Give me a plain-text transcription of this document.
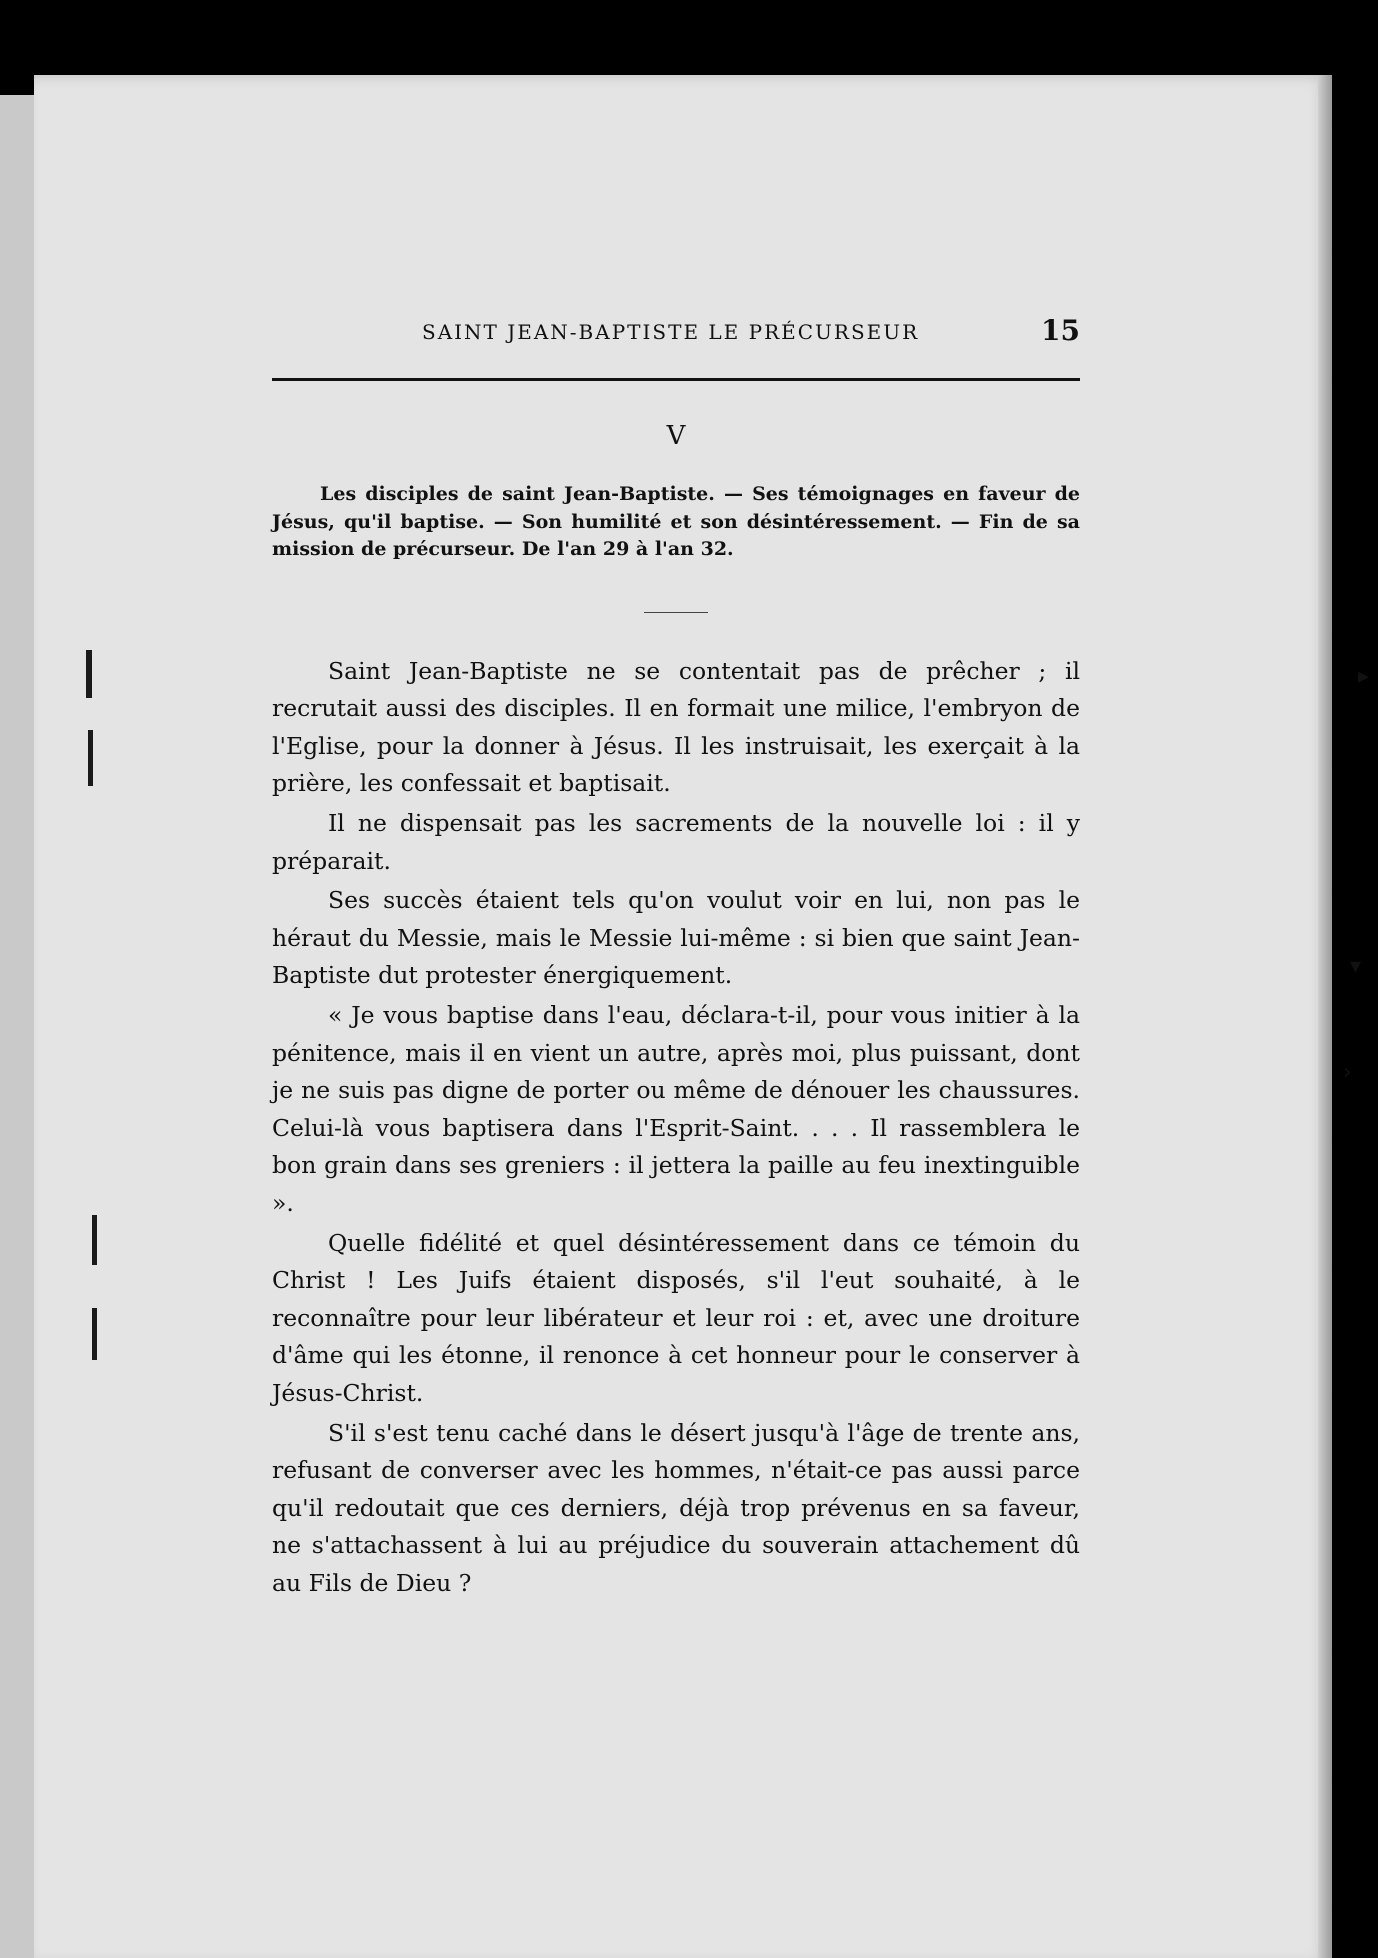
▸
▾
›
SAINT JEAN-BAPTISTE LE PRÉCURSEUR	15
V
Les disciples de saint Jean-Baptiste. — Ses témoignages en faveur de Jésus, qu'il baptise. — Son humilité et son désintéressement. — Fin de sa mission de précurseur. De l'an 29 à l'an 32.

Saint Jean-Baptiste ne se contentait pas de prêcher ; il recrutait aussi des disciples. Il en formait une milice, l'embryon de l'Eglise, pour la donner à Jésus. Il les instruisait, les exerçait à la prière, les confessait et baptisait.

Il ne dispensait pas les sacrements de la nouvelle loi : il y préparait.

Ses succès étaient tels qu'on voulut voir en lui, non pas le héraut du Messie, mais le Messie lui-même : si bien que saint Jean-Baptiste dut protester énergiquement.

« Je vous baptise dans l'eau, déclara-t-il, pour vous initier à la pénitence, mais il en vient un autre, après moi, plus puissant, dont je ne suis pas digne de porter ou même de dénouer les chaussures. Celui-là vous baptisera dans l'Esprit-Saint. . . . Il rassemblera le bon grain dans ses greniers : il jettera la paille au feu inextinguible ».

Quelle fidélité et quel désintéressement dans ce témoin du Christ ! Les Juifs étaient disposés, s'il l'eut souhaité, à le reconnaître pour leur libérateur et leur roi : et, avec une droiture d'âme qui les étonne, il renonce à cet honneur pour le conserver à Jésus-Christ.

S'il s'est tenu caché dans le désert jusqu'à l'âge de trente ans, refusant de converser avec les hommes, n'était-ce pas aussi parce qu'il redoutait que ces derniers, déjà trop prévenus en sa faveur, ne s'attachassent à lui au préjudice du souverain attachement dû au Fils de Dieu ?
